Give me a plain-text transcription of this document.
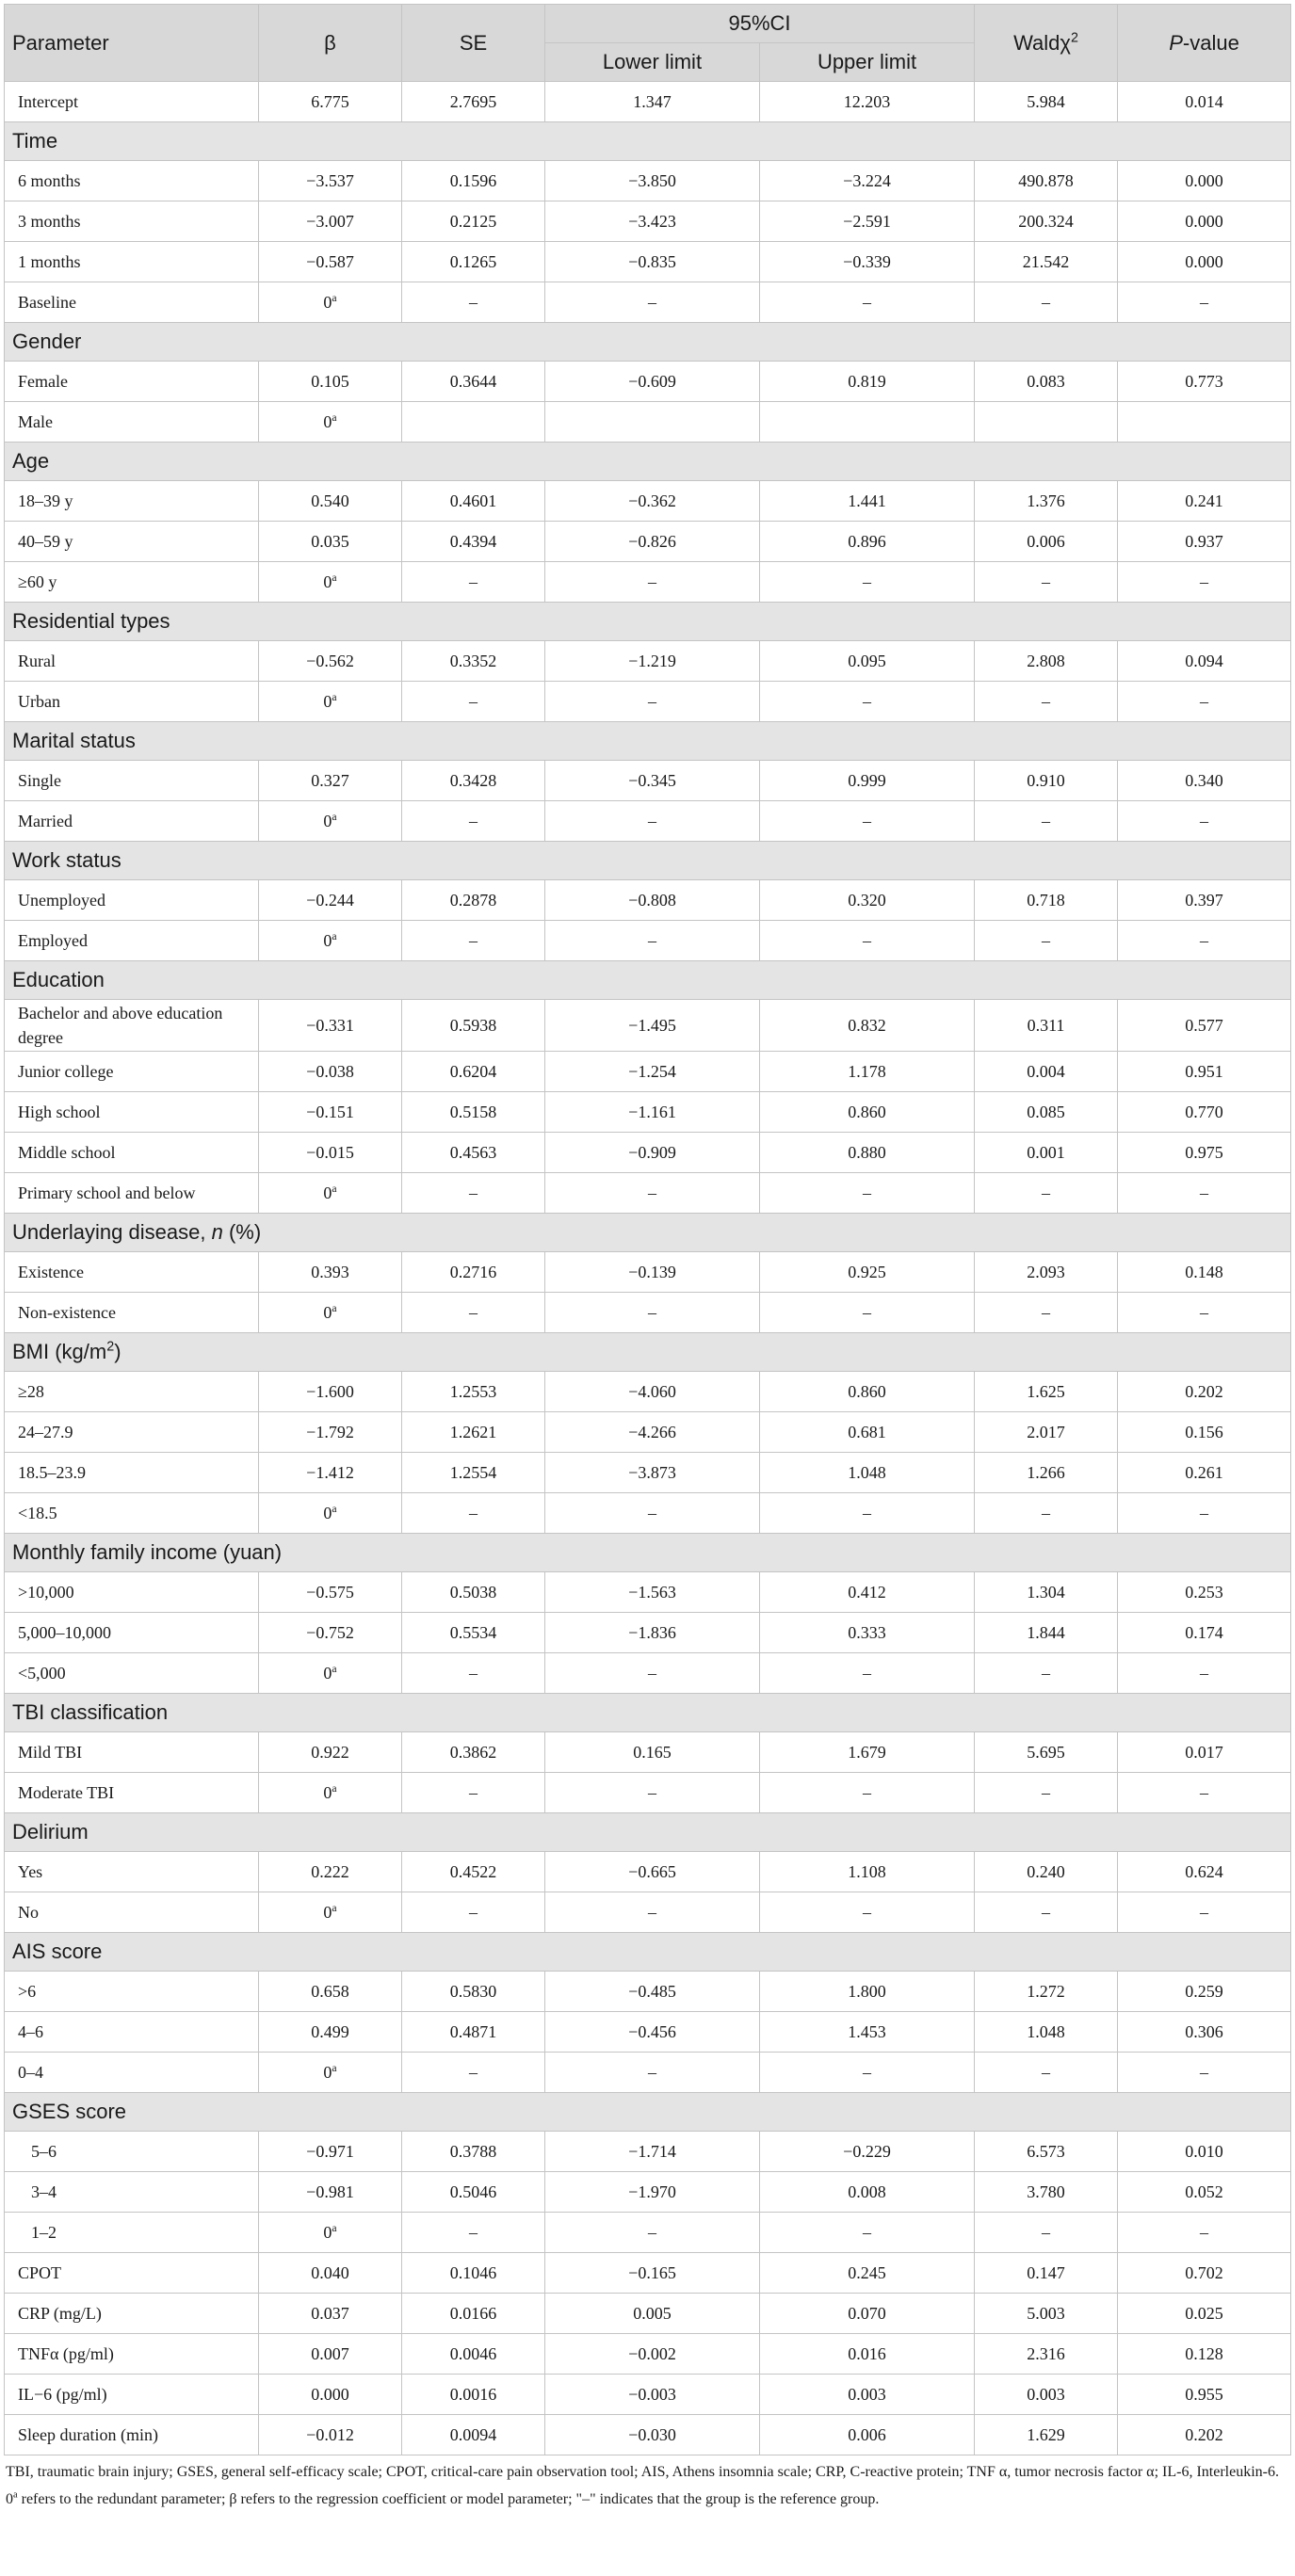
Parameter	β	SE	95%CI		Waldχ$^2$	P-value
			Lower limit	Upper limit		
Intercept	6.775	2.7695	1.347	12.203	5.984	0.014
Time						
6 months	−3.537	0.1596	−3.850	−3.224	490.878	0.000
3 months	−3.007	0.2125	−3.423	−2.591	200.324	0.000
1 months	−0.587	0.1265	−0.835	−0.339	21.542	0.000
Baseline	0$^a$	–	–	–	–	–
Gender						
Female	0.105	0.3644	−0.609	0.819	0.083	0.773
Male	0$^a$					
Age						
18–39 y	0.540	0.4601	−0.362	1.441	1.376	0.241
40–59 y	0.035	0.4394	−0.826	0.896	0.006	0.937
≥60 y	0$^a$	–	–	–	–	–
Residential types						
Rural	−0.562	0.3352	−1.219	0.095	2.808	0.094
Urban	0$^a$	–	–	–	–	–
Marital status						
Single	0.327	0.3428	−0.345	0.999	0.910	0.340
Married	0$^a$	–	–	–	–	–
Work status						
Unemployed	−0.244	0.2878	−0.808	0.320	0.718	0.397
Employed	0$^a$	–	–	–	–	–
Education						
Bachelor and above education degree	−0.331	0.5938	−1.495	0.832	0.311	0.577
Junior college	−0.038	0.6204	−1.254	1.178	0.004	0.951
High school	−0.151	0.5158	−1.161	0.860	0.085	0.770
Middle school	−0.015	0.4563	−0.909	0.880	0.001	0.975
Primary school and below	0$^a$	–	–	–	–	–
Underlaying disease, n (%)						
Existence	0.393	0.2716	−0.139	0.925	2.093	0.148
Non-existence	0$^a$	–	–	–	–	–
BMI $(kg/m^2)$						
≥28	−1.600	1.2553	−4.060	0.860	1.625	0.202
24–27.9	−1.792	1.2621	−4.266	0.681	2.017	0.156
18.5–23.9	−1.412	1.2554	−3.873	1.048	1.266	0.261
<18.5	0$^a$	–	–	–	–	–
Monthly family income (yuan)						
>10,000	−0.575	0.5038	−1.563	0.412	1.304	0.253
5,000–10,000	−0.752	0.5534	−1.836	0.333	1.844	0.174
<5,000	0$^a$	–	–	–	–	–
TBI classification						
Mild TBI	0.922	0.3862	0.165	1.679	5.695	0.017
Moderate TBI	0$^a$	–	–	–	–	–
Delirium						
Yes	0.222	0.4522	−0.665	1.108	0.240	0.624
No	0$^a$	–	–	–	–	–
AIS score						
>6	0.658	0.5830	−0.485	1.800	1.272	0.259
4–6	0.499	0.4871	−0.456	1.453	1.048	0.306
0–4	0$^a$	–	–	–	–	–
GSES score						
5–6	−0.971	0.3788	−1.714	−0.229	6.573	0.010
3–4	−0.981	0.5046	−1.970	0.008	3.780	0.052
1–2	0$^a$	–	–	–	–	–
CPOT	0.040	0.1046	−0.165	0.245	0.147	0.702
CRP (mg/L)	0.037	0.0166	0.005	0.070	5.003	0.025
TNFα (pg/ml)	0.007	0.0046	−0.002	0.016	2.316	0.128
IL−6 (pg/ml)	0.000	0.0016	−0.003	0.003	0.003	0.955
Sleep duration (min)	−0.012	0.0094	−0.030	0.006	1.629	0.202
TBI, traumatic brain injury; GSES, general self-efficacy scale; CPOT, critical-care pain observation tool; AIS, Athens insomnia scale; CRP, C-reactive protein; TNF α, tumor necrosis factor α; IL-6, Interleukin-6.
0$^a$ refers to the redundant parameter; β refers to the regression coefficient or model parameter; "–" indicates that the group is the reference group.
